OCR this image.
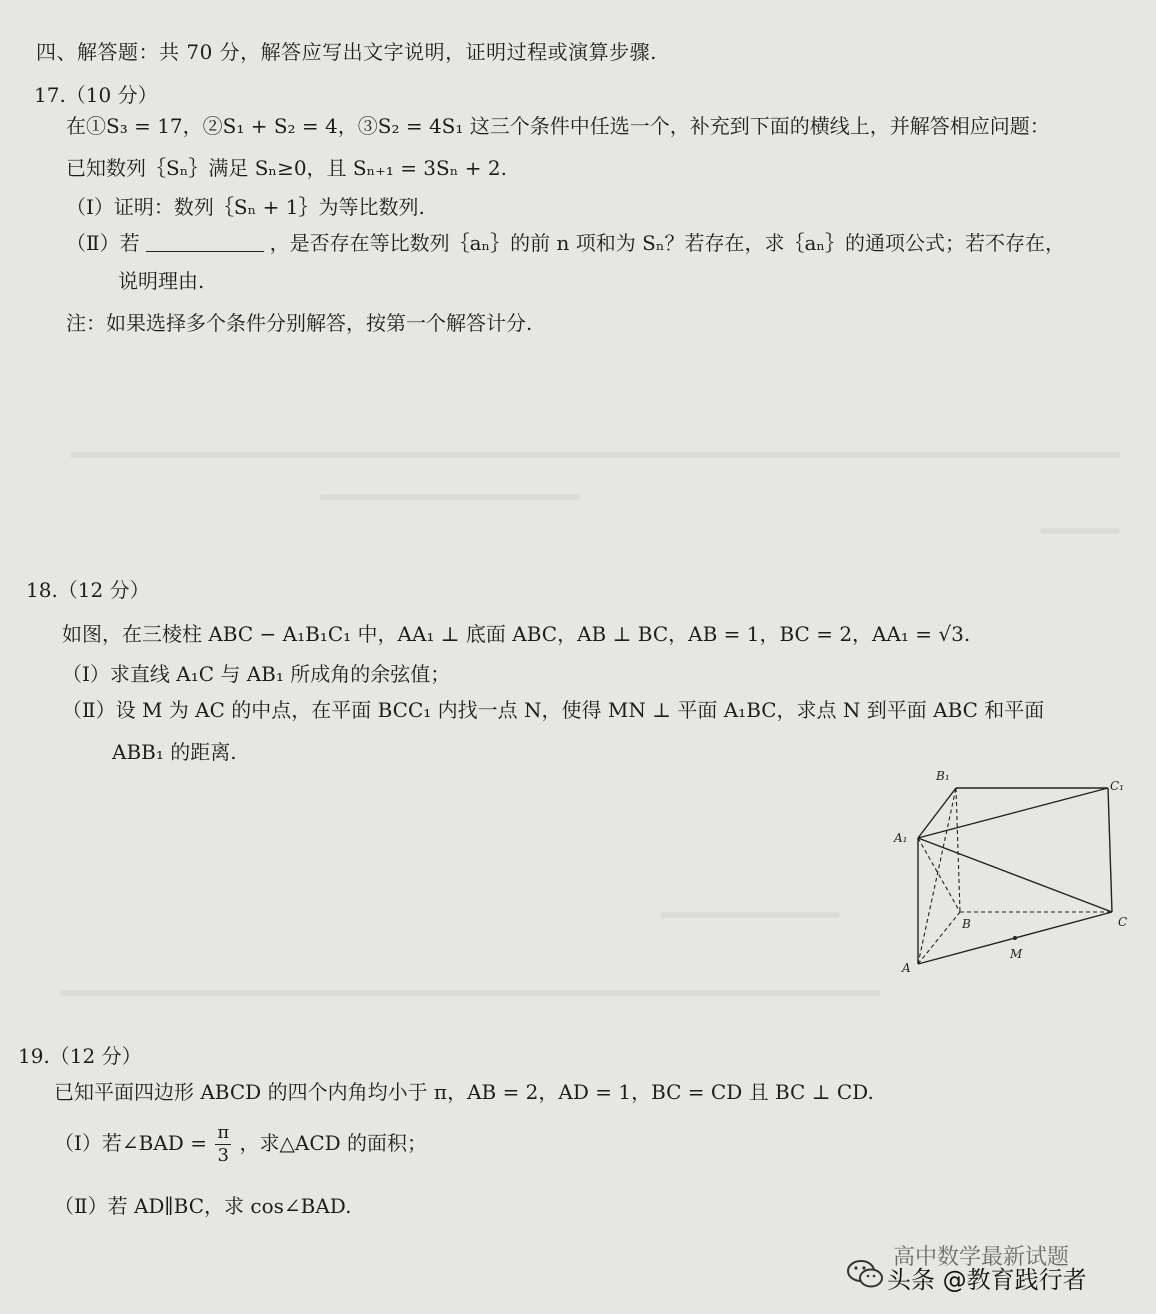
四、解答题：共 70 分，解答应写出文字说明，证明过程或演算步骤.
17.（10 分）
在①S₃ = 17，②S₁ + S₂ = 4，③S₂ = 4S₁ 这三个条件中任选一个，补充到下面的横线上，并解答相应问题：
已知数列｛Sₙ｝满足 Sₙ≥0，且 Sₙ₊₁ = 3Sₙ + 2.
（Ⅰ）证明：数列｛Sₙ + 1｝为等比数列.
（Ⅱ）若	，是否存在等比数列｛aₙ｝的前 n 项和为 Sₙ？若存在，求｛aₙ｝的通项公式；若不存在，
说明理由.
注：如果选择多个条件分别解答，按第一个解答计分.
18.（12 分）
如图，在三棱柱 ABC − A₁B₁C₁ 中，AA₁ ⊥ 底面 ABC，AB ⊥ BC，AB = 1，BC = 2，AA₁ = √3.
（Ⅰ）求直线 A₁C 与 AB₁ 所成角的余弦值；
（Ⅱ）设 M 为 AC 的中点，在平面 BCC₁ 内找一点 N，使得 MN ⊥ 平面 A₁BC，求点 N 到平面 ABC 和平面
ABB₁ 的距离.
B₁
C₁
A₁
B	C
A
M
19.（12 分）
已知平面四边形 ABCD 的四个内角均小于 π，AB = 2，AD = 1，BC = CD 且 BC ⊥ CD.
（Ⅰ）若∠BAD = $\frac{\pi}{3}$ ，求△ACD 的面积；
（Ⅱ）若 AD∥BC，求 cos∠BAD.
高中数学最新试题
头条 @教育践行者
